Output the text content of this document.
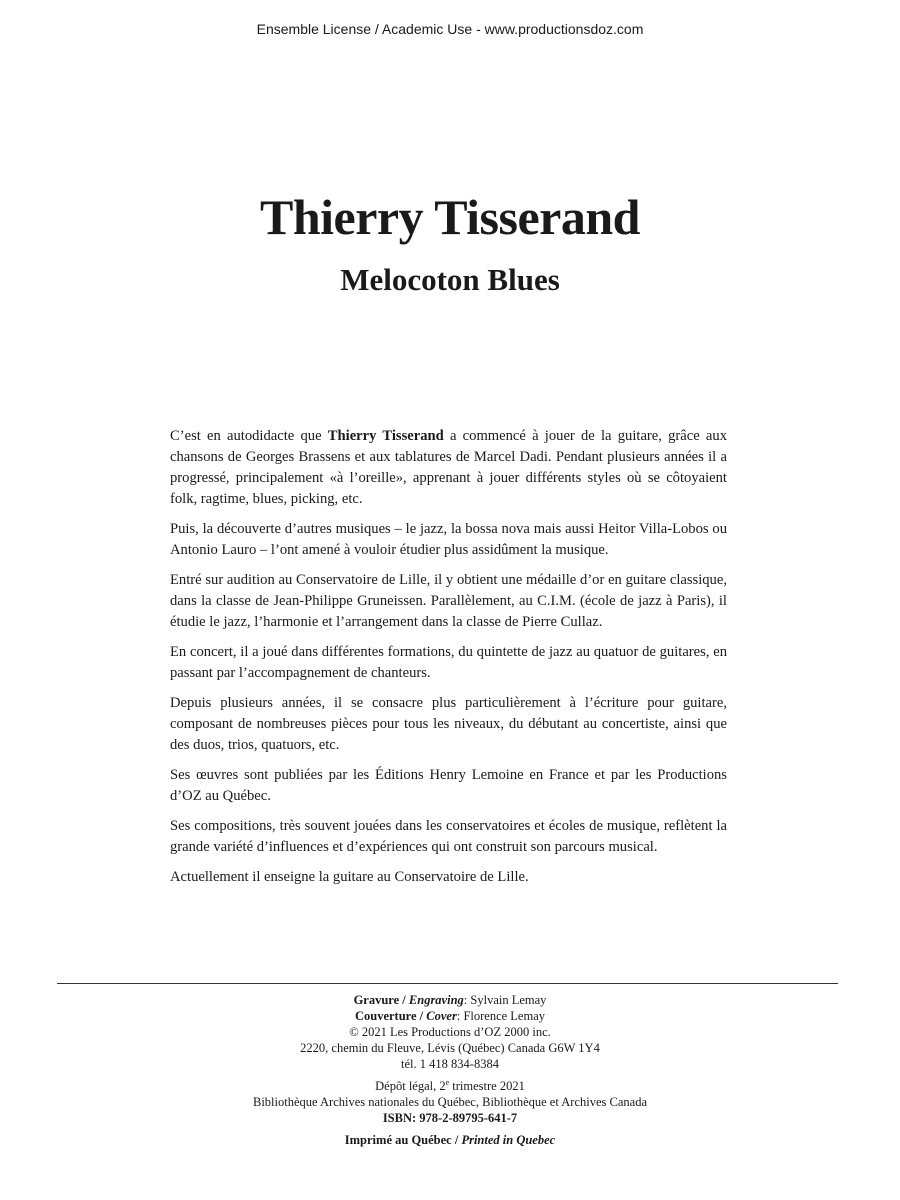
Ensemble License / Academic Use - www.productionsdoz.com
Thierry Tisserand
Melocoton Blues

C’est en autodidacte que Thierry Tisserand a commencé à jouer de la guitare, grâce aux chansons de Georges Brassens et aux tablatures de Marcel Dadi. Pendant plusieurs années il a progressé, principalement «à l’oreille», apprenant à jouer différents styles où se côtoyaient folk, ragtime, blues, picking, etc.

Puis, la découverte d’autres musiques – le jazz, la bossa nova mais aussi Heitor Villa-Lobos ou Antonio Lauro – l’ont amené à vouloir étudier plus assidûment la musique.

Entré sur audition au Conservatoire de Lille, il y obtient une médaille d’or en guitare classique, dans la classe de Jean-Philippe Gruneissen. Parallèlement, au C.I.M. (école de jazz à Paris), il étudie le jazz, l’harmonie et l’arrangement dans la classe de Pierre Cullaz.

En concert, il a joué dans différentes formations, du quintette de jazz au quatuor de guitares, en passant par l’accompagnement de chanteurs.

Depuis plusieurs années, il se consacre plus particulièrement à l’écriture pour guitare, composant de nombreuses pièces pour tous les niveaux, du débutant au concertiste, ainsi que des duos, trios, quatuors, etc.

Ses œuvres sont publiées par les Éditions Henry Lemoine en France et par les Productions d’OZ au Québec.

Ses compositions, très souvent jouées dans les conservatoires et écoles de musique, reflètent la grande variété d’influences et d’expériences qui ont construit son parcours musical.

Actuellement il enseigne la guitare au Conservatoire de Lille.

Gravure / Engraving: Sylvain Lemay
Couverture / Cover: Florence Lemay
© 2021 Les Productions d’OZ 2000 inc.
2220, chemin du Fleuve, Lévis (Québec) Canada G6W 1Y4
tél. 1 418 834-8384
Dépôt légal, 2e trimestre 2021
Bibliothèque Archives nationales du Québec, Bibliothèque et Archives Canada
ISBN: 978-2-89795-641-7
Imprimé au Québec / Printed in Quebec
